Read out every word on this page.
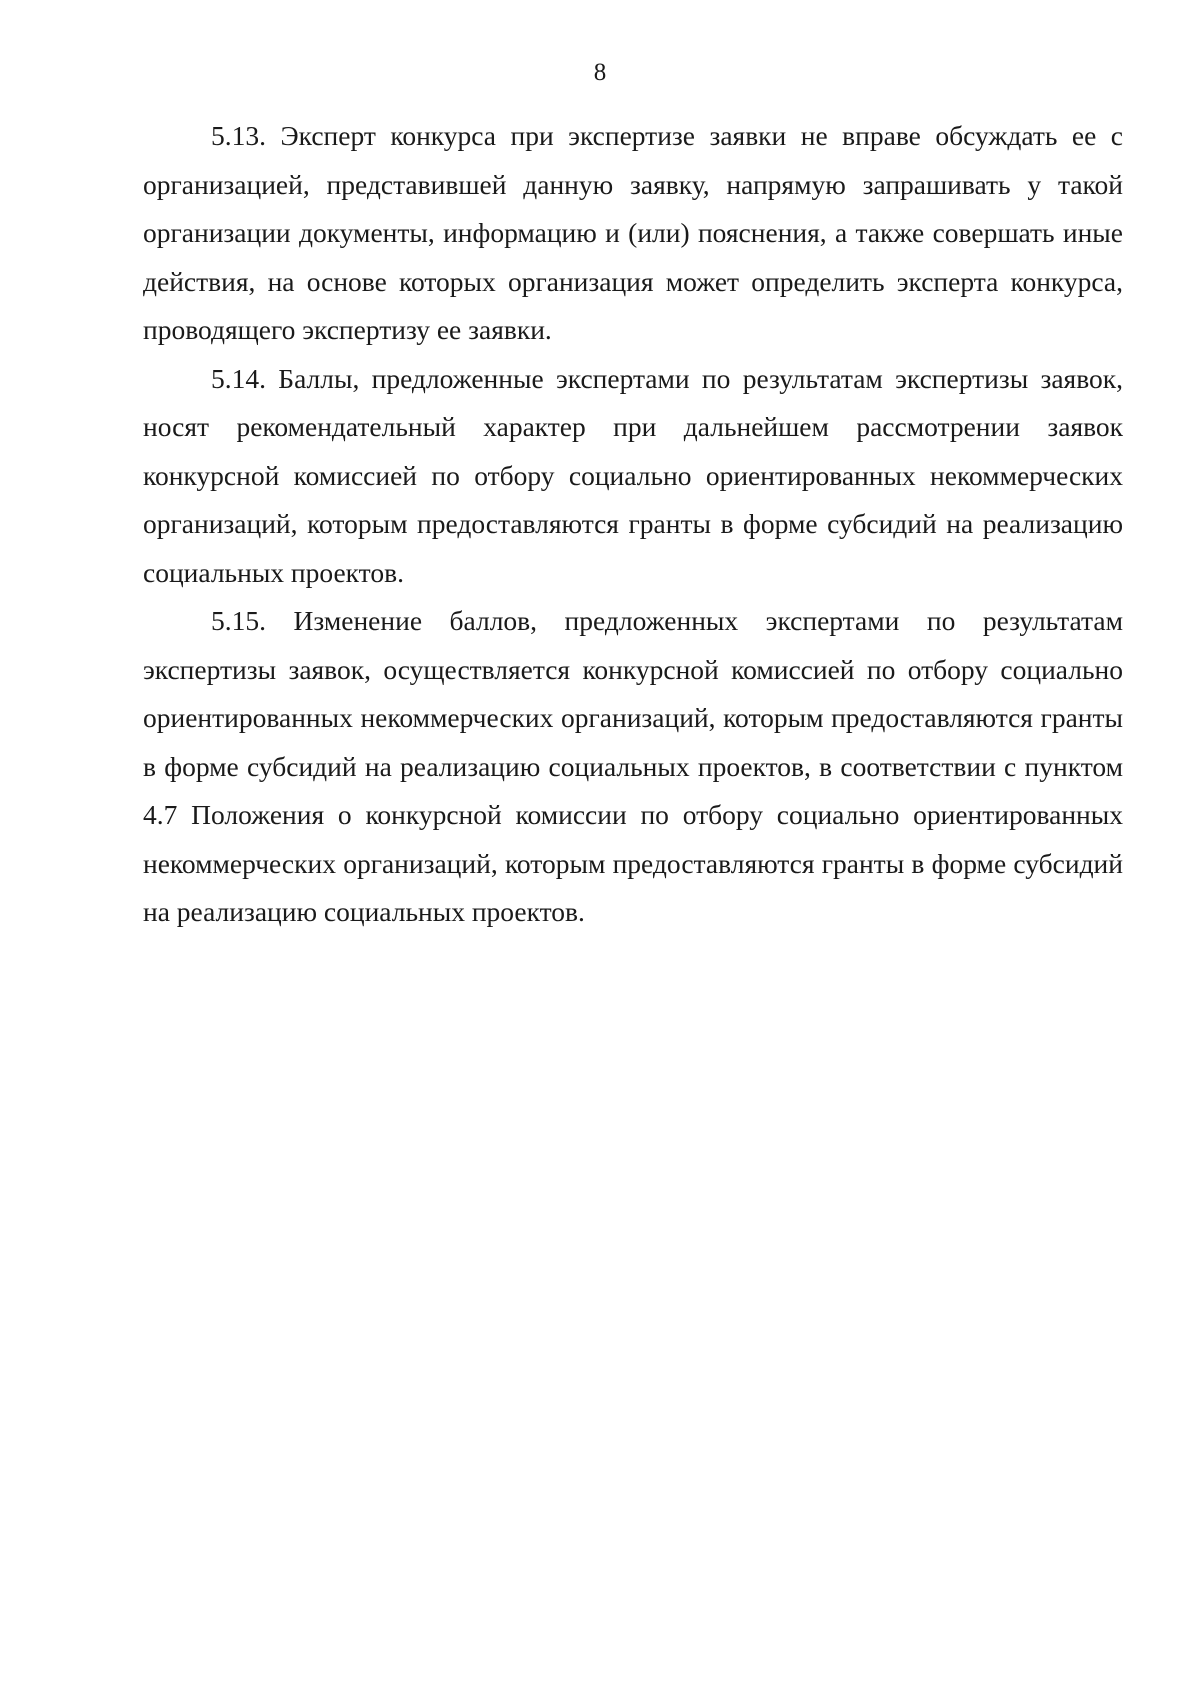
8

5.13. Эксперт конкурса при экспертизе заявки не вправе обсуждать ее с организацией, представившей данную заявку, напрямую запрашивать у такой организации документы, информацию и (или) пояснения, а также совершать иные действия, на основе которых организация может определить эксперта конкурса, проводящего экспертизу ее заявки.

5.14. Баллы, предложенные экспертами по результатам экспертизы заявок, носят рекомендательный характер при дальнейшем рассмотрении заявок конкурсной комиссией по отбору социально ориентированных некоммерческих организаций, которым предоставляются гранты в форме субсидий на реализацию социальных проектов.

5.15. Изменение баллов, предложенных экспертами по результатам экспертизы заявок, осуществляется конкурсной комиссией по отбору социально ориентированных некоммерческих организаций, которым предоставляются гранты в форме субсидий на реализацию социальных проектов, в соответствии с пунктом 4.7 Положения о конкурсной комиссии по отбору социально ориентированных некоммерческих организаций, которым предоставляются гранты в форме субсидий на реализацию социальных проектов.
